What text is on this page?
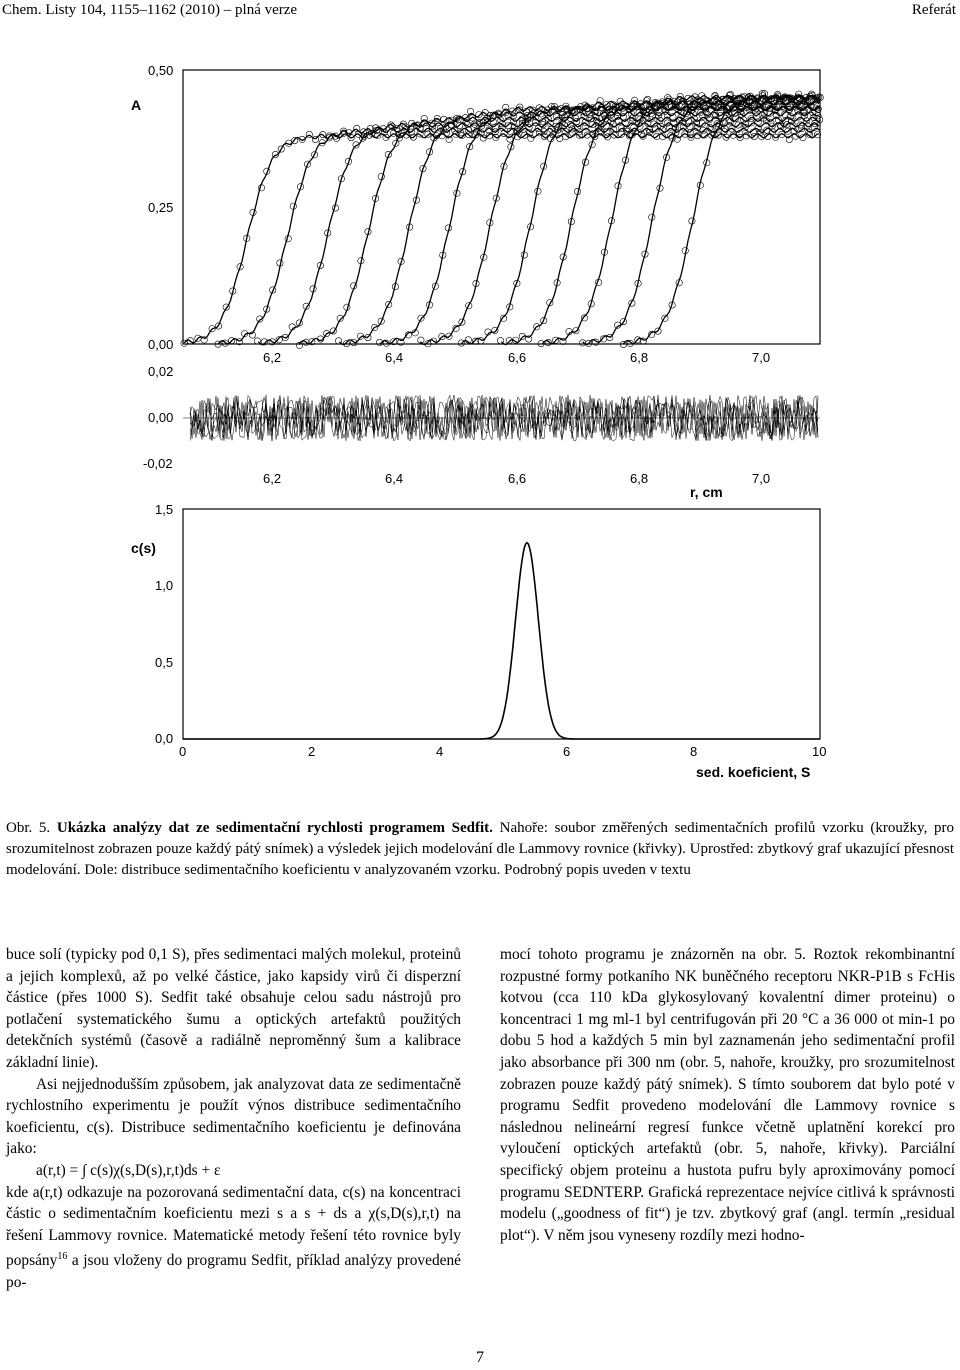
Chem. Listy 104, 1155–1162 (2010) – plná verze	Referát
A
0,50
0,25
0,00
6,2	6,4	6,6	6,8	7,0
0,02
0,00
-0,02
6,2	6,4	6,6	6,8	7,0
r, cm
1,5
c(s)
1,0
0,5
0,0
0	2	4	6	8	10
sed. koeficient, S
Obr. 5. Ukázka analýzy dat ze sedimentační rychlosti programem Sedfit. Nahoře: soubor změřených sedimentačních profilů vzorku (kroužky, pro srozumitelnost zobrazen pouze každý pátý snímek) a výsledek jejich modelování dle Lammovy rovnice (křivky). Uprostřed: zbytkový graf ukazující přesnost modelování. Dole: distribuce sedimentačního koeficientu v analyzovaném vzorku. Podrobný popis uveden v textu

buce solí (typicky pod 0,1 S), přes sedimentaci malých molekul, proteinů a jejich komplexů, až po velké částice, jako kapsidy virů či disperzní částice (přes 1000 S). Sedfit také obsahuje celou sadu nástrojů pro potlačení systematického šumu a optických artefaktů použitých detekčních systémů (časově a radiálně neproměnný šum a kalibrace základní linie).

Asi nejjednodušším způsobem, jak analyzovat data ze sedimentačně rychlostního experimentu je použít výnos distribuce sedimentačního koeficientu, c(s). Distribuce sedimentačního koeficientu je definována jako:

a(r,t) = ∫ c(s)χ(s,D(s),r,t)ds + ε

kde a(r,t) odkazuje na pozorovaná sedimentační data, c(s) na koncentraci částic o sedimentačním koeficientu mezi s a s + ds a χ(s,D(s),r,t) na řešení Lammovy rovnice. Matematické metody řešení této rovnice byly popsány$^{16}$ a jsou vloženy do programu Sedfit, příklad analýzy provedené po-

mocí tohoto programu je znázorněn na obr. 5. Roztok rekombinantní rozpustné formy potkaního NK buněčného receptoru NKR-P1B s FcHis kotvou (cca 110 kDa glykosylovaný kovalentní dimer proteinu) o koncentraci 1 mg ml-1 byl centrifugován při 20 °C a 36 000 ot min-1 po dobu 5 hod a každých 5 min byl zaznamenán jeho sedimentační profil jako absorbance při 300 nm (obr. 5, nahoře, kroužky, pro srozumitelnost zobrazen pouze každý pátý snímek). S tímto souborem dat bylo poté v programu Sedfit provedeno modelování dle Lammovy rovnice s následnou nelineární regresí funkce včetně uplatnění korekcí pro vyloučení optických artefaktů (obr. 5, nahoře, křivky). Parciální specifický objem proteinu a hustota pufru byly aproximovány pomocí programu SEDNTERP. Grafická reprezentace nejvíce citlivá k správnosti modelu („goodness of fit“) je tzv. zbytkový graf (angl. termín „residual plot“). V něm jsou vyneseny rozdíly mezi hodno-

7
